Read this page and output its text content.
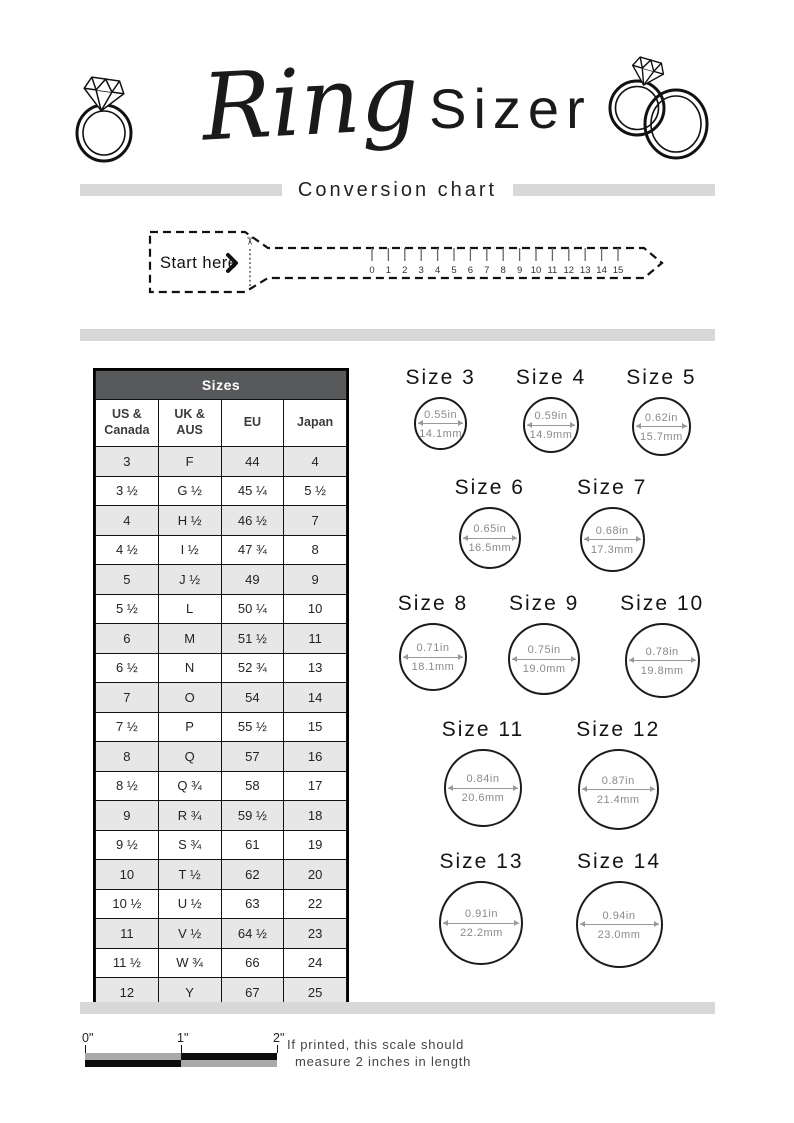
Ring Sizer
Conversion chart
Start here
✂
0 1 2 3 4 5 6 7 8 9 10 11 12 13 14 15
Sizes			
US & Canada	UK & AUS	EU	Japan
3	F	44	4
3 ½	G ½	45 ¼	5 ½
4	H ½	46 ½	7
4 ½	I ½	47 ¾	8
5	J ½	49	9
5 ½	L	50 ¼	10
6	M	51 ½	11
6 ½	N	52 ¾	13
7	O	54	14
7 ½	P	55 ½	15
8	Q	57	16
8 ½	Q ¾	58	17
9	R ¾	59 ½	18
9 ½	S ¾	61	19
10	T ½	62	20
10 ½	U ½	63	22
11	V ½	64 ½	23
11 ½	W ¾	66	24
12	Y	67	25
Size 3
0.55in
14.1mm
Size 4
0.59in
14.9mm
Size 5
0.62in
15.7mm
Size 6
0.65in
16.5mm
Size 7
0.68in
17.3mm
Size 8
0.71in
18.1mm
Size 9
0.75in
19.0mm
Size 10
0.78in
19.8mm
Size 11
0.84in
20.6mm
Size 12
0.87in
21.4mm
Size 13
0.91in
22.2mm
Size 14
0.94in
23.0mm
0"	1"	2" If printed, this scale should
measure 2 inches in length
